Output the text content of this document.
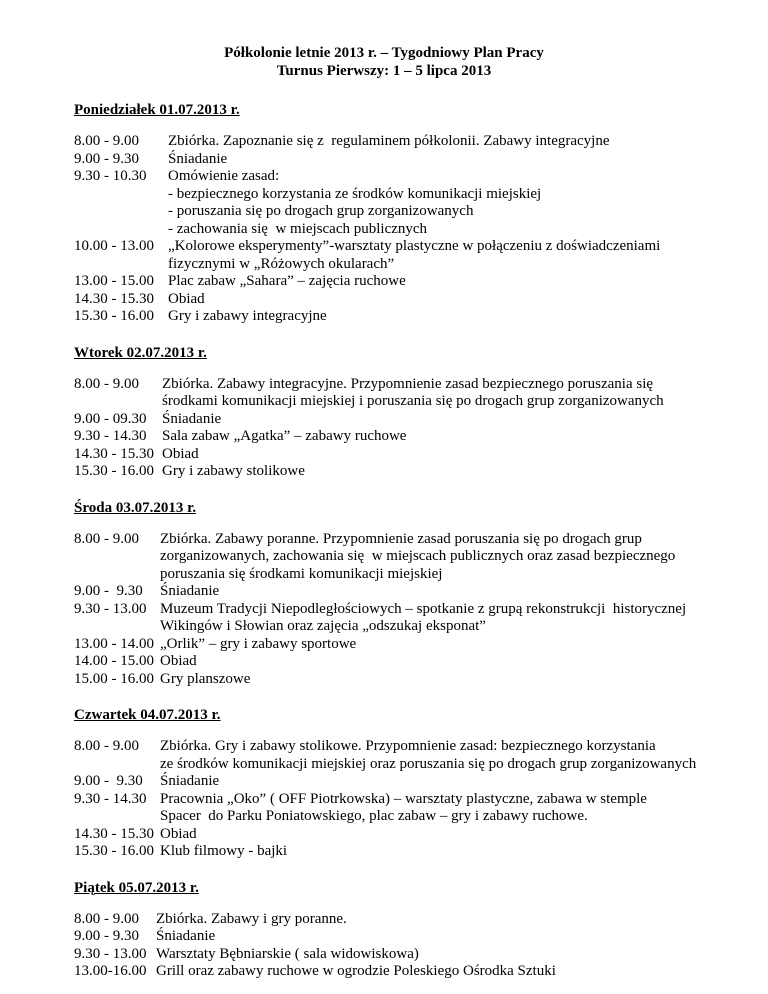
Półkolonie letnie 2013 r. – Tygodniowy Plan Pracy
Turnus Pierwszy: 1 – 5 lipca 2013
Poniedziałek 01.07.2013 r.
8.00 - 9.00 Zbiórka. Zapoznanie się z  regulaminem półkolonii. Zabawy integracyjne
9.00 - 9.30 Śniadanie
9.30 - 10.30 Omówienie zasad:
- bezpiecznego korzystania ze środków komunikacji miejskiej
- poruszania się po drogach grup zorganizowanych
- zachowania się  w miejscach publicznych
10.00 - 13.00 „Kolorowe eksperymenty”-warsztaty plastyczne w połączeniu z doświadczeniami
fizycznymi w „Różowych okularach”
13.00 - 15.00 Plac zabaw „Sahara” – zajęcia ruchowe
14.30 - 15.30 Obiad
15.30 - 16.00 Gry i zabawy integracyjne
Wtorek 02.07.2013 r.
8.00 - 9.00 Zbiórka. Zabawy integracyjne. Przypomnienie zasad bezpiecznego poruszania się
środkami komunikacji miejskiej i poruszania się po drogach grup zorganizowanych
9.00 - 09.30 Śniadanie
9.30 - 14.30 Sala zabaw „Agatka” – zabawy ruchowe
14.30 - 15.30 Obiad
15.30 - 16.00 Gry i zabawy stolikowe
Środa 03.07.2013 r.
8.00 - 9.00 Zbiórka. Zabawy poranne. Przypomnienie zasad poruszania się po drogach grup
zorganizowanych, zachowania się  w miejscach publicznych oraz zasad bezpiecznego
poruszania się środkami komunikacji miejskiej
9.00 -  9.30 Śniadanie
9.30 - 13.00 Muzeum Tradycji Niepodległościowych – spotkanie z grupą rekonstrukcji  historycznej
Wikingów i Słowian oraz zajęcia „odszukaj eksponat”
13.00 - 14.00 „Orlik” – gry i zabawy sportowe
14.00 - 15.00 Obiad
15.00 - 16.00 Gry planszowe
Czwartek 04.07.2013 r.
8.00 - 9.00 Zbiórka. Gry i zabawy stolikowe. Przypomnienie zasad: bezpiecznego korzystania
ze środków komunikacji miejskiej oraz poruszania się po drogach grup zorganizowanych
9.00 -  9.30 Śniadanie
9.30 - 14.30 Pracownia „Oko” ( OFF Piotrkowska) – warsztaty plastyczne, zabawa w stemple
Spacer  do Parku Poniatowskiego, plac zabaw – gry i zabawy ruchowe.
14.30 - 15.30 Obiad
15.30 - 16.00 Klub filmowy - bajki
Piątek 05.07.2013 r.
8.00 - 9.00 Zbiórka. Zabawy i gry poranne.
9.00 - 9.30 Śniadanie
9.30 - 13.00 Warsztaty Bębniarskie ( sala widowiskowa)
13.00-16.00 Grill oraz zabawy ruchowe w ogrodzie Poleskiego Ośrodka Sztuki
